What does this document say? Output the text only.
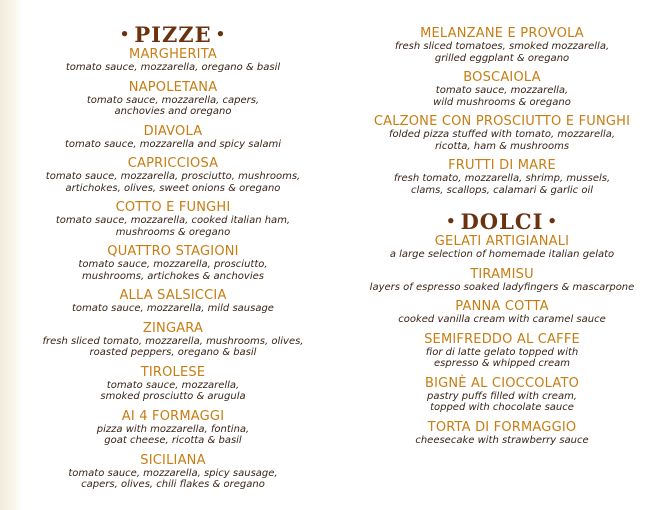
• PIZZE •
MARGHERITA
tomato sauce, mozzarella, oregano & basil
NAPOLETANA
tomato sauce, mozzarella, capers,
anchovies and oregano
DIAVOLA
tomato sauce, mozzarella and spicy salami
CAPRICCIOSA
tomato sauce, mozzarella, prosciutto, mushrooms,
artichokes, olives, sweet onions & oregano
COTTO E FUNGHI
tomato sauce, mozzarella, cooked italian ham,
mushrooms & oregano
QUATTRO STAGIONI
tomato sauce, mozzarella, prosciutto,
mushrooms, artichokes & anchovies
ALLA SALSICCIA
tomato sauce, mozzarella, mild sausage
ZINGARA
fresh sliced tomato, mozzarella, mushrooms, olives,
roasted peppers, oregano & basil
TIROLESE
tomato sauce, mozzarella,
smoked prosciutto & arugula
AI 4 FORMAGGI
pizza with mozzarella, fontina,
goat cheese, ricotta & basil
SICILIANA
tomato sauce, mozzarella, spicy sausage,
capers, olives, chili flakes & oregano
MELANZANE E PROVOLA
fresh sliced tomatoes, smoked mozzarella,
grilled eggplant & oregano
BOSCAIOLA
tomato sauce, mozzarella,
wild mushrooms & oregano
CALZONE CON PROSCIUTTO E FUNGHI
folded pizza stuffed with tomato, mozzarella,
ricotta, ham & mushrooms
FRUTTI DI MARE
fresh tomato, mozzarella, shrimp, mussels,
clams, scallops, calamari & garlic oil
• DOLCI •
GELATI ARTIGIANALI
a large selection of homemade italian gelato
TIRAMISU
layers of espresso soaked ladyfingers & mascarpone
PANNA COTTA
cooked vanilla cream with caramel sauce
SEMIFREDDO AL CAFFE
fior di latte gelato topped with
espresso & whipped cream
BIGNÈ AL CIOCCOLATO
pastry puffs filled with cream,
topped with chocolate sauce
TORTA DI FORMAGGIO
cheesecake with strawberry sauce
